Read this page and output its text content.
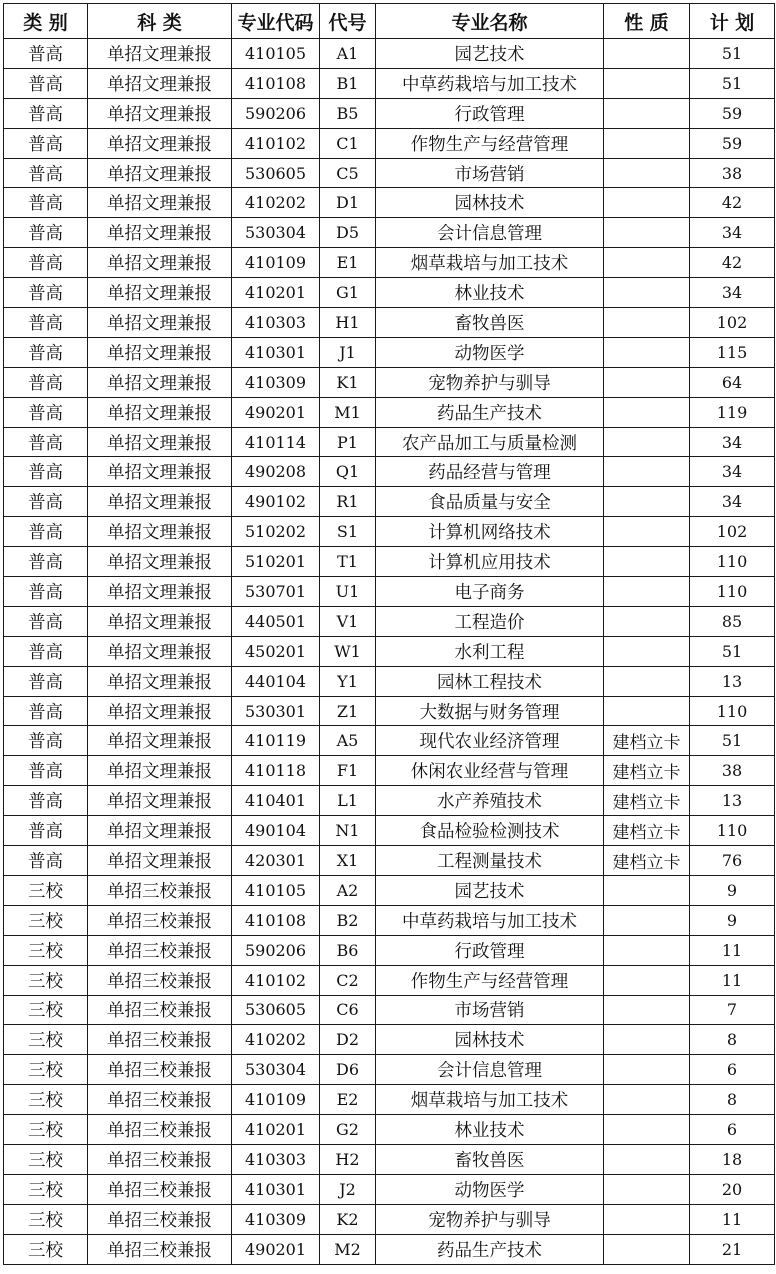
类 别	科 类	专业代码	代号	专业名称	性 质	计 划
普高	单招文理兼报	410105	A1	园艺技术		51
普高	单招文理兼报	410108	B1	中草药栽培与加工技术		51
普高	单招文理兼报	590206	B5	行政管理		59
普高	单招文理兼报	410102	C1	作物生产与经营管理		59
普高	单招文理兼报	530605	C5	市场营销		38
普高	单招文理兼报	410202	D1	园林技术		42
普高	单招文理兼报	530304	D5	会计信息管理		34
普高	单招文理兼报	410109	E1	烟草栽培与加工技术		42
普高	单招文理兼报	410201	G1	林业技术		34
普高	单招文理兼报	410303	H1	畜牧兽医		102
普高	单招文理兼报	410301	J1	动物医学		115
普高	单招文理兼报	410309	K1	宠物养护与驯导		64
普高	单招文理兼报	490201	M1	药品生产技术		119
普高	单招文理兼报	410114	P1	农产品加工与质量检测		34
普高	单招文理兼报	490208	Q1	药品经营与管理		34
普高	单招文理兼报	490102	R1	食品质量与安全		34
普高	单招文理兼报	510202	S1	计算机网络技术		102
普高	单招文理兼报	510201	T1	计算机应用技术		110
普高	单招文理兼报	530701	U1	电子商务		110
普高	单招文理兼报	440501	V1	工程造价		85
普高	单招文理兼报	450201	W1	水利工程		51
普高	单招文理兼报	440104	Y1	园林工程技术		13
普高	单招文理兼报	530301	Z1	大数据与财务管理		110
普高	单招文理兼报	410119	A5	现代农业经济管理	建档立卡	51
普高	单招文理兼报	410118	F1	休闲农业经营与管理	建档立卡	38
普高	单招文理兼报	410401	L1	水产养殖技术	建档立卡	13
普高	单招文理兼报	490104	N1	食品检验检测技术	建档立卡	110
普高	单招文理兼报	420301	X1	工程测量技术	建档立卡	76
三校	单招三校兼报	410105	A2	园艺技术		9
三校	单招三校兼报	410108	B2	中草药栽培与加工技术		9
三校	单招三校兼报	590206	B6	行政管理		11
三校	单招三校兼报	410102	C2	作物生产与经营管理		11
三校	单招三校兼报	530605	C6	市场营销		7
三校	单招三校兼报	410202	D2	园林技术		8
三校	单招三校兼报	530304	D6	会计信息管理		6
三校	单招三校兼报	410109	E2	烟草栽培与加工技术		8
三校	单招三校兼报	410201	G2	林业技术		6
三校	单招三校兼报	410303	H2	畜牧兽医		18
三校	单招三校兼报	410301	J2	动物医学		20
三校	单招三校兼报	410309	K2	宠物养护与驯导		11
三校	单招三校兼报	490201	M2	药品生产技术		21
